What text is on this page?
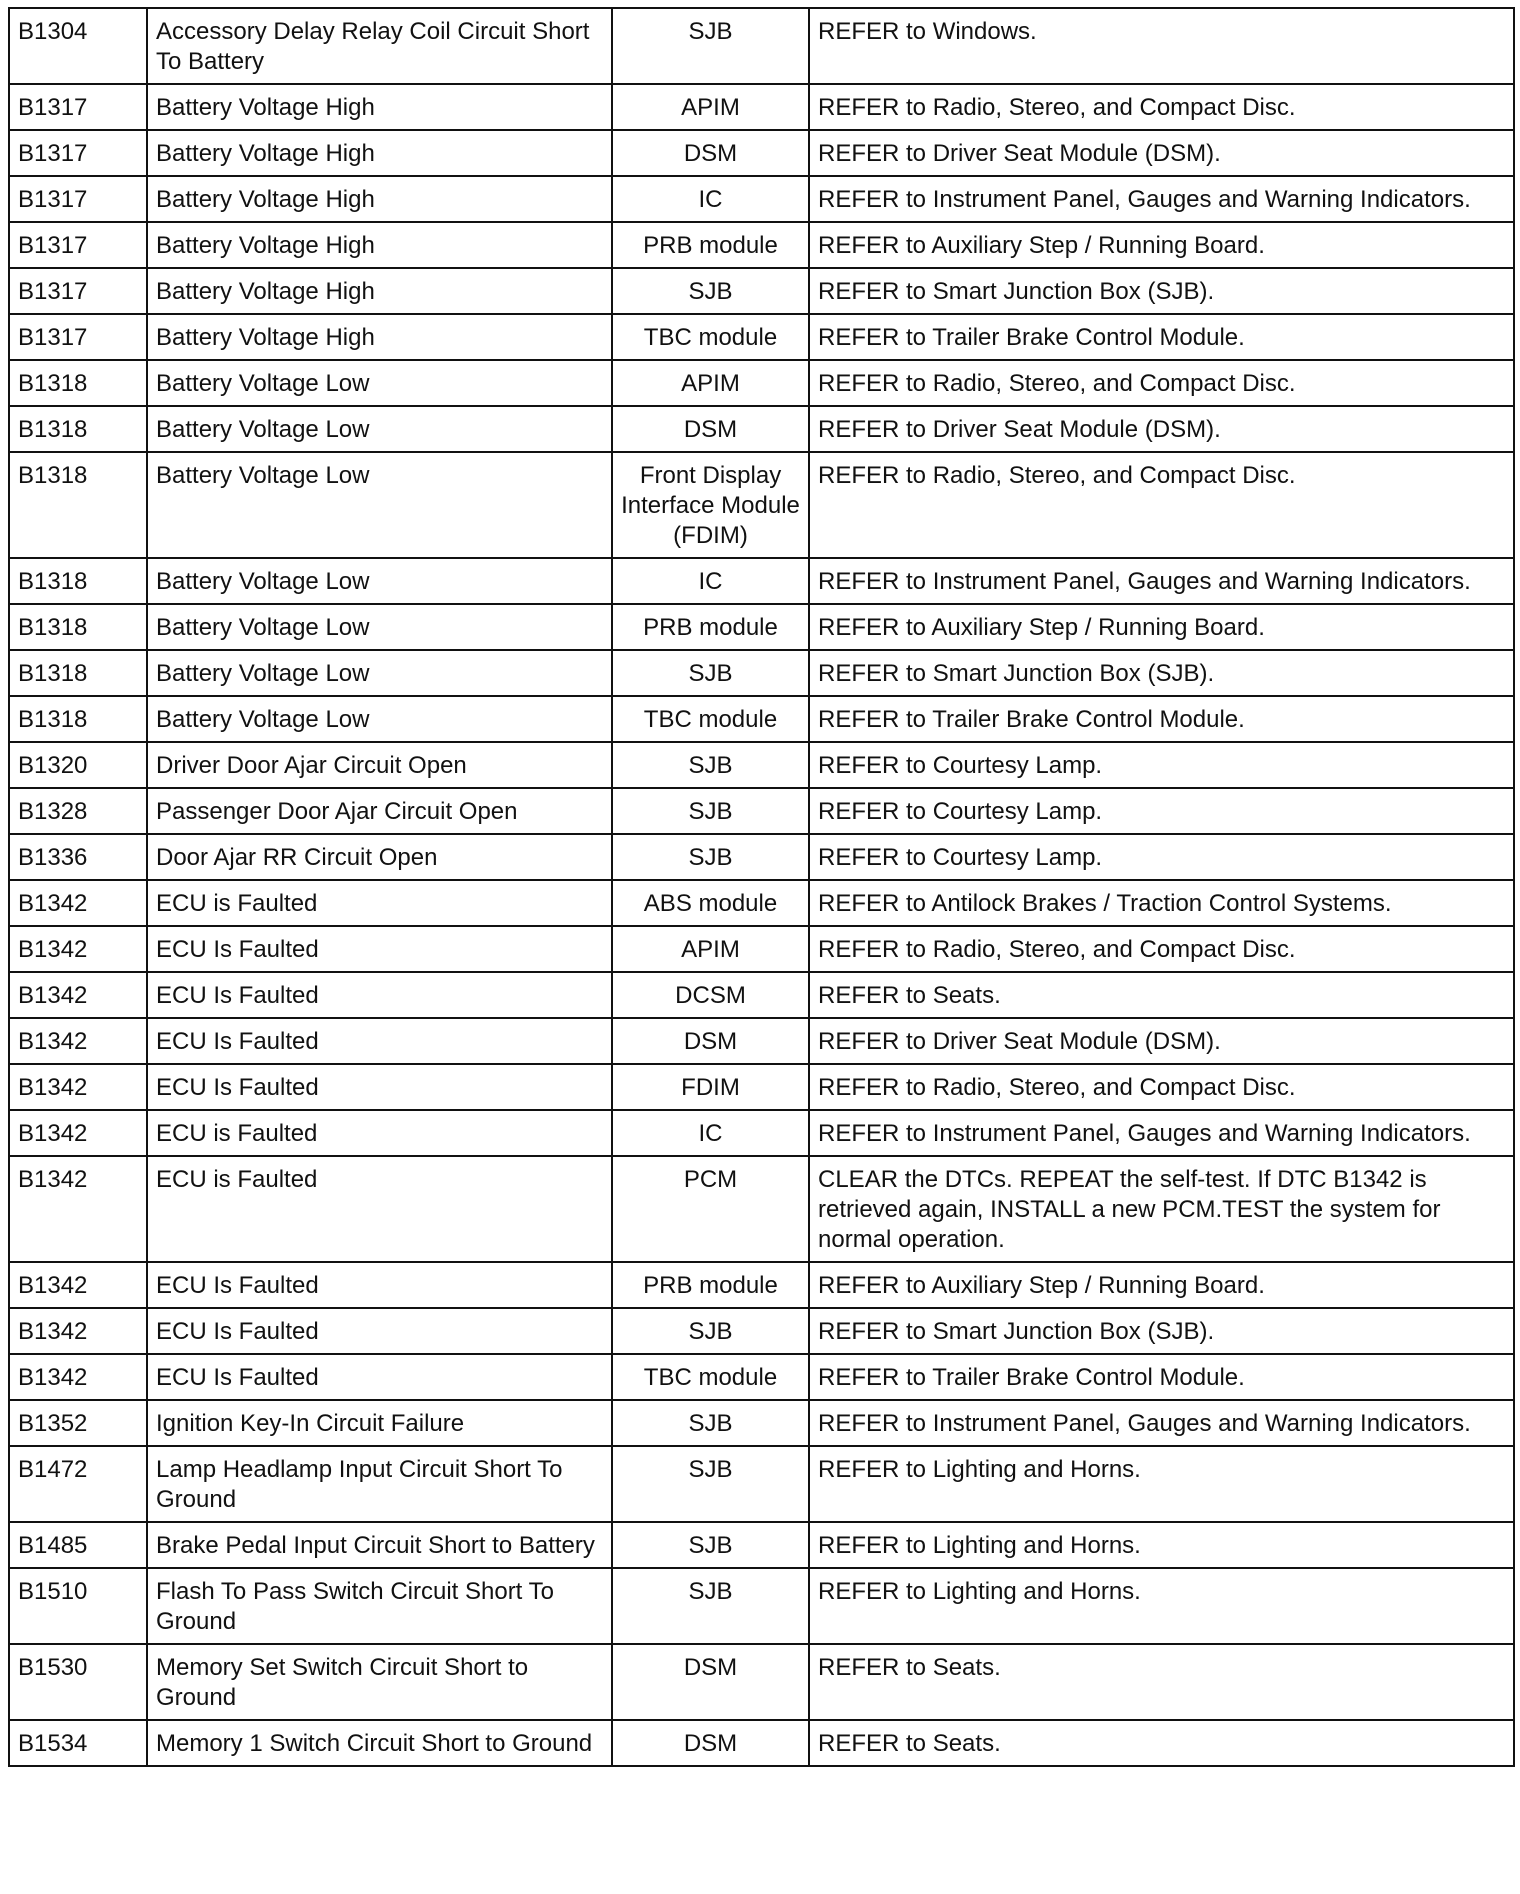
B1304	Accessory Delay Relay Coil Circuit Short To Battery	SJB	REFER to Windows.
B1317	Battery Voltage High	APIM	REFER to Radio, Stereo, and Compact Disc.
B1317	Battery Voltage High	DSM	REFER to Driver Seat Module (DSM).
B1317	Battery Voltage High	IC	REFER to Instrument Panel, Gauges and Warning Indicators.
B1317	Battery Voltage High	PRB module	REFER to Auxiliary Step / Running Board.
B1317	Battery Voltage High	SJB	REFER to Smart Junction Box (SJB).
B1317	Battery Voltage High	TBC module	REFER to Trailer Brake Control Module.
B1318	Battery Voltage Low	APIM	REFER to Radio, Stereo, and Compact Disc.
B1318	Battery Voltage Low	DSM	REFER to Driver Seat Module (DSM).
B1318	Battery Voltage Low	Front Display Interface Module (FDIM)	REFER to Radio, Stereo, and Compact Disc.
B1318	Battery Voltage Low	IC	REFER to Instrument Panel, Gauges and Warning Indicators.
B1318	Battery Voltage Low	PRB module	REFER to Auxiliary Step / Running Board.
B1318	Battery Voltage Low	SJB	REFER to Smart Junction Box (SJB).
B1318	Battery Voltage Low	TBC module	REFER to Trailer Brake Control Module.
B1320	Driver Door Ajar Circuit Open	SJB	REFER to Courtesy Lamp.
B1328	Passenger Door Ajar Circuit Open	SJB	REFER to Courtesy Lamp.
B1336	Door Ajar RR Circuit Open	SJB	REFER to Courtesy Lamp.
B1342	ECU is Faulted	ABS module	REFER to Antilock Brakes / Traction Control Systems.
B1342	ECU Is Faulted	APIM	REFER to Radio, Stereo, and Compact Disc.
B1342	ECU Is Faulted	DCSM	REFER to Seats.
B1342	ECU Is Faulted	DSM	REFER to Driver Seat Module (DSM).
B1342	ECU Is Faulted	FDIM	REFER to Radio, Stereo, and Compact Disc.
B1342	ECU is Faulted	IC	REFER to Instrument Panel, Gauges and Warning Indicators.
B1342	ECU is Faulted	PCM	CLEAR the DTCs. REPEAT the self-test. If DTC B1342 is retrieved again, INSTALL a new PCM.TEST the system for normal operation.
B1342	ECU Is Faulted	PRB module	REFER to Auxiliary Step / Running Board.
B1342	ECU Is Faulted	SJB	REFER to Smart Junction Box (SJB).
B1342	ECU Is Faulted	TBC module	REFER to Trailer Brake Control Module.
B1352	Ignition Key-In Circuit Failure	SJB	REFER to Instrument Panel, Gauges and Warning Indicators.
B1472	Lamp Headlamp Input Circuit Short To Ground	SJB	REFER to Lighting and Horns.
B1485	Brake Pedal Input Circuit Short to Battery	SJB	REFER to Lighting and Horns.
B1510	Flash To Pass Switch Circuit Short To Ground	SJB	REFER to Lighting and Horns.
B1530	Memory Set Switch Circuit Short to Ground	DSM	REFER to Seats.
B1534	Memory 1 Switch Circuit Short to Ground	DSM	REFER to Seats.
